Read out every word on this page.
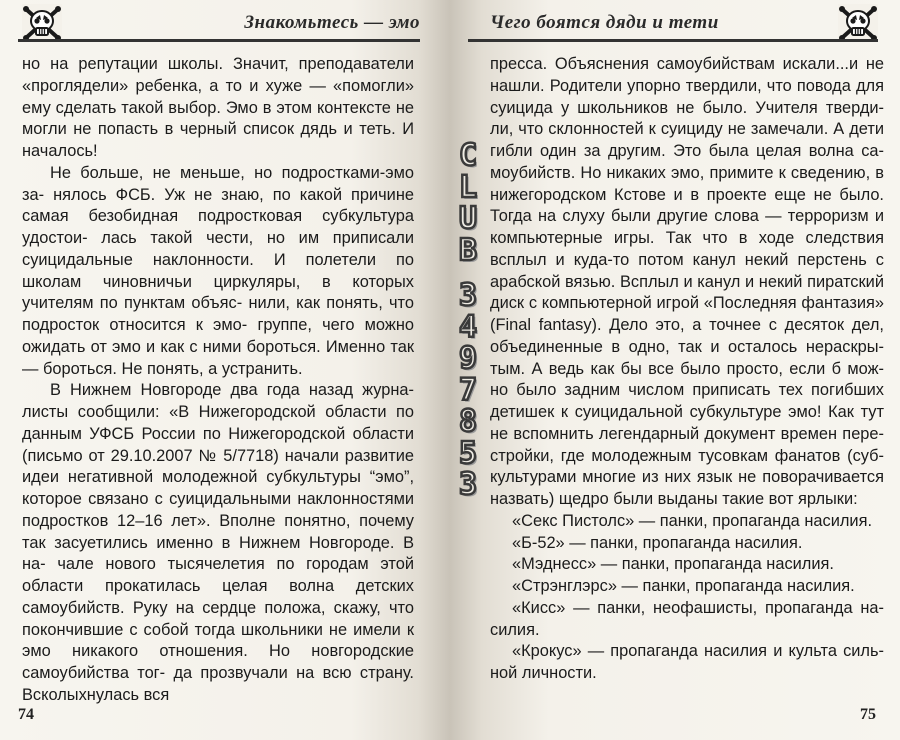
Знакомьтесь — эмо

но на репутации школы. Значит, преподаватели «проглядели» ребенка, а то и хуже — «помогли» ему сделать такой выбор. Эмо в этом контексте не могли не попасть в черный список дядь и теть. И началось!

Не больше, не меньше, но подростками-эмо за- нялось ФСБ. Уж не знаю, по какой причине самая безобидная подростковая субкультура удостои- лась такой чести, но им приписали суицидальные наклонности. И полетели по школам чиновничьи циркуляры, в которых учителям по пунктам объяс- нили, как понять, что подросток относится к эмо- группе, чего можно ожидать от эмо и как с ними бороться. Именно так — бороться. Не понять, а устранить.

В Нижнем Новгороде два года назад журна- листы сообщили: «В Нижегородской области по данным УФСБ России по Нижегородской области (письмо от 29.10.2007 № 5/7718) начали развитие идеи негативной молодежной субкультуры “эмо”, которое связано с суицидальными наклонностями подростков 12–16 лет». Вполне понятно, почему так засуетились именно в Нижнем Новгороде. В на- чале нового тысячелетия по городам этой области прокатилась целая волна детских самоубийств. Руку на сердце положа, скажу, что покончившие с собой тогда школьники не имели к эмо никакого отношения. Но новгородские самоубийства тог- да прозвучали на всю страну. Всколыхнулась вся

74
Чего боятся дяди и тети

пресса. Объяснения самоубийствам искали...и не нашли. Родители упорно твердили, что повода для суицида у школьников не было. Учителя тверди- ли, что склонностей к суициду не замечали. А дети гибли один за другим. Это была целая волна са- моубийств. Но никаких эмо, примите к сведению, в нижегородском Кстове и в проекте еще не было. Тогда на слуху были другие слова — терроризм и компьютерные игры. Так что в ходе следствия всплыл и куда-то потом канул некий перстень с арабской вязью. Всплыл и канул и некий пиратский диск с компьютерной игрой «Последняя фантазия» (Final fantasy). Дело это, а точнее с десяток дел, объединенные в одно, так и осталось нераскры- тым. А ведь как бы все было просто, если б мож- но было задним числом приписать тех погибших детишек к суицидальной субкультуре эмо! Как тут не вспомнить легендарный документ времен пере- стройки, где молодежным тусовкам фанатов (суб- культурами многие из них язык не поворачивается назвать) щедро были выданы такие вот ярлыки:

«Секс Пистолс» — панки, пропаганда насилия.

«Б-52» — панки, пропаганда насилия.

«Мэднесс» — панки, пропаганда насилия.

«Стрэнглэрс» — панки, пропаганда насилия.

«Кисс» — панки, неофашисты, пропаганда на- силия.

«Крокус» — пропаганда насилия и культа силь- ной личности.

75
C
L
U
B
3
4
9
7
8
5
3
